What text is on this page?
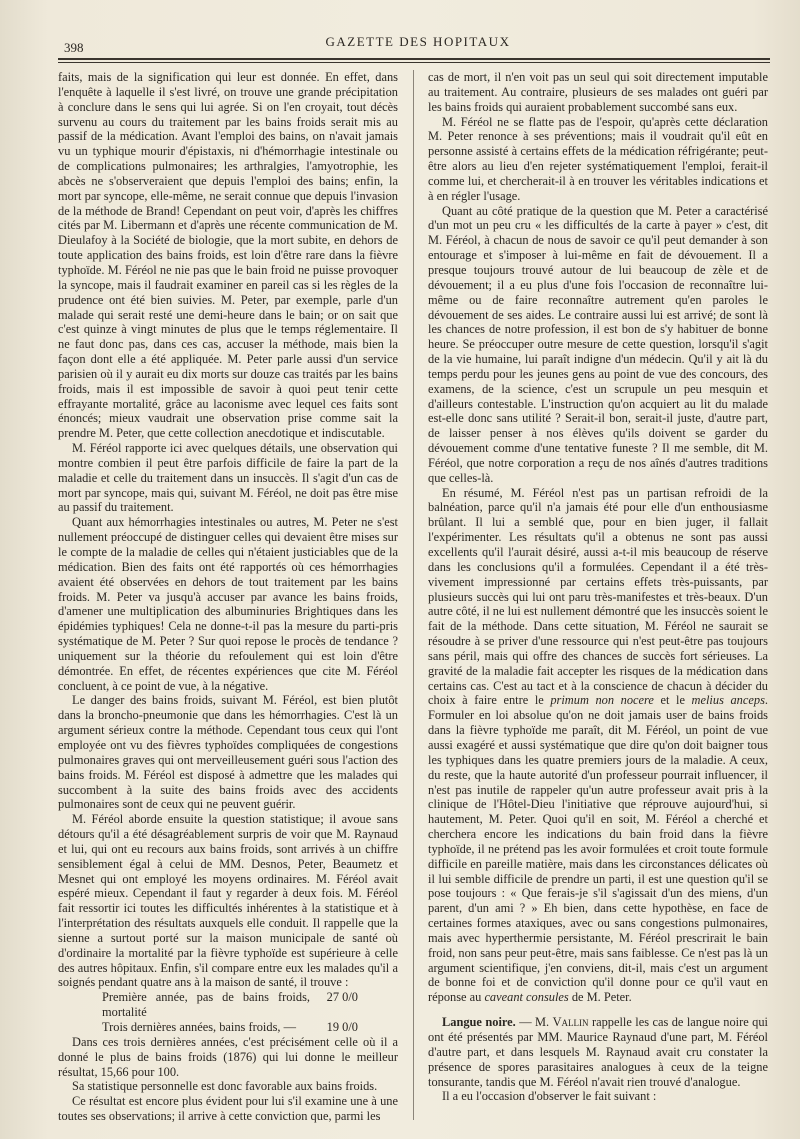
398	GAZETTE DES HOPITAUX

faits, mais de la signification qui leur est donnée. En effet, dans l'enquête à laquelle il s'est livré, on trouve une grande précipitation à conclure dans le sens qui lui agrée. Si on l'en croyait, tout décès survenu au cours du traitement par les bains froids serait mis au passif de la médication. Avant l'emploi des bains, on n'avait jamais vu un typhique mourir d'épistaxis, ni d'hémorrhagie intestinale ou de complications pulmonaires; les arthralgies, l'amyotrophie, les abcès ne s'observeraient que depuis l'emploi des bains; enfin, la mort par syncope, elle-même, ne serait connue que depuis l'invasion de la méthode de Brand! Cependant on peut voir, d'après les chiffres cités par M. Libermann et d'après une récente communication de M. Dieulafoy à la Société de biologie, que la mort subite, en dehors de toute application des bains froids, est loin d'être rare dans la fièvre typhoïde. M. Féréol ne nie pas que le bain froid ne puisse provoquer la syncope, mais il faudrait examiner en pareil cas si les règles de la prudence ont été bien suivies. M. Peter, par exemple, parle d'un malade qui serait resté une demi-heure dans le bain; or on sait que c'est quinze à vingt minutes de plus que le temps réglementaire. Il ne faut donc pas, dans ces cas, accuser la méthode, mais bien la façon dont elle a été appliquée. M. Peter parle aussi d'un service parisien où il y aurait eu dix morts sur douze cas traités par les bains froids, mais il est impossible de savoir à quoi peut tenir cette effrayante mortalité, grâce au laconisme avec lequel ces faits sont énoncés; mieux vaudrait une observation prise comme sait la prendre M. Peter, que cette collection anecdotique et indiscutable.

M. Féréol rapporte ici avec quelques détails, une observation qui montre combien il peut être parfois difficile de faire la part de la maladie et celle du traitement dans un insuccès. Il s'agit d'un cas de mort par syncope, mais qui, suivant M. Féréol, ne doit pas être mise au passif du traitement.

Quant aux hémorrhagies intestinales ou autres, M. Peter ne s'est nullement préoccupé de distinguer celles qui devaient être mises sur le compte de la maladie de celles qui n'étaient justiciables que de la médication. Bien des faits ont été rapportés où ces hémorrhagies avaient été observées en dehors de tout traitement par les bains froids. M. Peter va jusqu'à accuser par avance les bains froids, d'amener une multiplication des albuminuries Brightiques dans les épidémies typhiques! Cela ne donne-t-il pas la mesure du parti-pris systématique de M. Peter ? Sur quoi repose le procès de tendance ? uniquement sur la théorie du refoulement qui est loin d'être démontrée. En effet, de récentes expériences que cite M. Féréol concluent, à ce point de vue, à la négative.

Le danger des bains froids, suivant M. Féréol, est bien plutôt dans la broncho-pneumonie que dans les hémorrhagies. C'est là un argument sérieux contre la méthode. Cependant tous ceux qui l'ont employée ont vu des fièvres typhoïdes compliquées de congestions pulmonaires graves qui ont merveilleusement guéri sous l'action des bains froids. M. Féréol est disposé à admettre que les malades qui succombent à la suite des bains froids avec des accidents pulmonaires sont de ceux qui ne peuvent guérir.

M. Féréol aborde ensuite la question statistique; il avoue sans détours qu'il a été désagréablement surpris de voir que M. Raynaud et lui, qui ont eu recours aux bains froids, sont arrivés à un chiffre sensiblement égal à celui de MM. Desnos, Peter, Beaumetz et Mesnet qui ont employé les moyens ordinaires. M. Féréol avait espéré mieux. Cependant il faut y regarder à deux fois. M. Féréol fait ressortir ici toutes les difficultés inhérentes à la statistique et à l'interprétation des résultats auxquels elle conduit. Il rappelle que la sienne a surtout porté sur la maison municipale de santé où d'ordinaire la mortalité par la fièvre typhoïde est supérieure à celle des autres hôpitaux. Enfin, s'il compare entre eux les malades qu'il a soignés pendant quatre ans à la maison de santé, il trouve :

Première année, pas de bains froids, mortalité
27 0/0
Trois dernières années, bains froids, —	19 0/0

Dans ces trois dernières années, c'est précisément celle où il a donné le plus de bains froids (1876) qui lui donne le meilleur résultat, 15,66 pour 100.

Sa statistique personnelle est donc favorable aux bains froids.

Ce résultat est encore plus évident pour lui s'il examine une à une toutes ses observations; il arrive à cette conviction que, parmi les

cas de mort, il n'en voit pas un seul qui soit directement imputable au traitement. Au contraire, plusieurs de ses malades ont guéri par les bains froids qui auraient probablement succombé sans eux.

M. Féréol ne se flatte pas de l'espoir, qu'après cette déclaration M. Peter renonce à ses préventions; mais il voudrait qu'il eût en personne assisté à certains effets de la médication réfrigérante; peut-être alors au lieu d'en rejeter systématiquement l'emploi, ferait-il comme lui, et chercherait-il à en trouver les véritables indications et à en régler l'usage.

Quant au côté pratique de la question que M. Peter a caractérisé d'un mot un peu cru « les difficultés de la carte à payer » c'est, dit M. Féréol, à chacun de nous de savoir ce qu'il peut demander à son entourage et s'imposer à lui-même en fait de dévouement. Il a presque toujours trouvé autour de lui beaucoup de zèle et de dévouement; il a eu plus d'une fois l'occasion de reconnaître lui-même ou de faire reconnaître autrement qu'en paroles le dévouement de ses aides. Le contraire aussi lui est arrivé; de sont là les chances de notre profession, il est bon de s'y habituer de bonne heure. Se préoccuper outre mesure de cette question, lorsqu'il s'agit de la vie humaine, lui paraît indigne d'un médecin. Qu'il y ait là du temps perdu pour les jeunes gens au point de vue des concours, des examens, de la science, c'est un scrupule un peu mesquin et d'ailleurs contestable. L'instruction qu'on acquiert au lit du malade est-elle donc sans utilité ? Serait-il bon, serait-il juste, d'autre part, de laisser penser à nos élèves qu'ils doivent se garder du dévouement comme d'une tentative funeste ? Il me semble, dit M. Féréol, que notre corporation a reçu de nos aînés d'autres traditions que celles-là.

En résumé, M. Féréol n'est pas un partisan refroidi de la balnéation, parce qu'il n'a jamais été pour elle d'un enthousiasme brûlant. Il lui a semblé que, pour en bien juger, il fallait l'expérimenter. Les résultats qu'il a obtenus ne sont pas aussi excellents qu'il l'aurait désiré, aussi a-t-il mis beaucoup de réserve dans les conclusions qu'il a formulées. Cependant il a été très-vivement impressionné par certains effets très-puissants, par plusieurs succès qui lui ont paru très-manifestes et très-beaux. D'un autre côté, il ne lui est nullement démontré que les insuccès soient le fait de la méthode. Dans cette situation, M. Féréol ne saurait se résoudre à se priver d'une ressource qui n'est peut-être pas toujours sans péril, mais qui offre des chances de succès fort sérieuses. La gravité de la maladie fait accepter les risques de la médication dans certains cas. C'est au tact et à la conscience de chacun à décider du choix à faire entre le primum non nocere et le melius anceps. Formuler en loi absolue qu'on ne doit jamais user de bains froids dans la fièvre typhoïde me paraît, dit M. Féréol, un point de vue aussi exagéré et aussi systématique que dire qu'on doit baigner tous les typhiques dans les quatre premiers jours de la maladie. A ceux, du reste, que la haute autorité d'un professeur pourrait influencer, il n'est pas inutile de rappeler qu'un autre professeur avait pris à la clinique de l'Hôtel-Dieu l'initiative que réprouve aujourd'hui, si hautement, M. Peter. Quoi qu'il en soit, M. Féréol a cherché et cherchera encore les indications du bain froid dans la fièvre typhoïde, il ne prétend pas les avoir formulées et croit toute formule difficile en pareille matière, mais dans les circonstances délicates où il lui semble difficile de prendre un parti, il est une question qu'il se pose toujours : « Que ferais-je s'il s'agissait d'un des miens, d'un parent, d'un ami ? » Eh bien, dans cette hypothèse, en face de certaines formes ataxiques, avec ou sans congestions pulmonaires, mais avec hyperthermie persistante, M. Féréol prescrirait le bain froid, non sans peur peut-être, mais sans faiblesse. Ce n'est pas là un argument scientifique, j'en conviens, dit-il, mais c'est un argument de bonne foi et de conviction qu'il donne pour ce qu'il vaut en réponse au caveant consules de M. Peter.

Langue noire. — M. Vallin rappelle les cas de langue noire qui ont été présentés par MM. Maurice Raynaud d'une part, M. Féréol d'autre part, et dans lesquels M. Raynaud avait cru constater la présence de spores parasitaires analogues à ceux de la teigne tonsurante, tandis que M. Féréol n'avait rien trouvé d'analogue.

Il a eu l'occasion d'observer le fait suivant :
